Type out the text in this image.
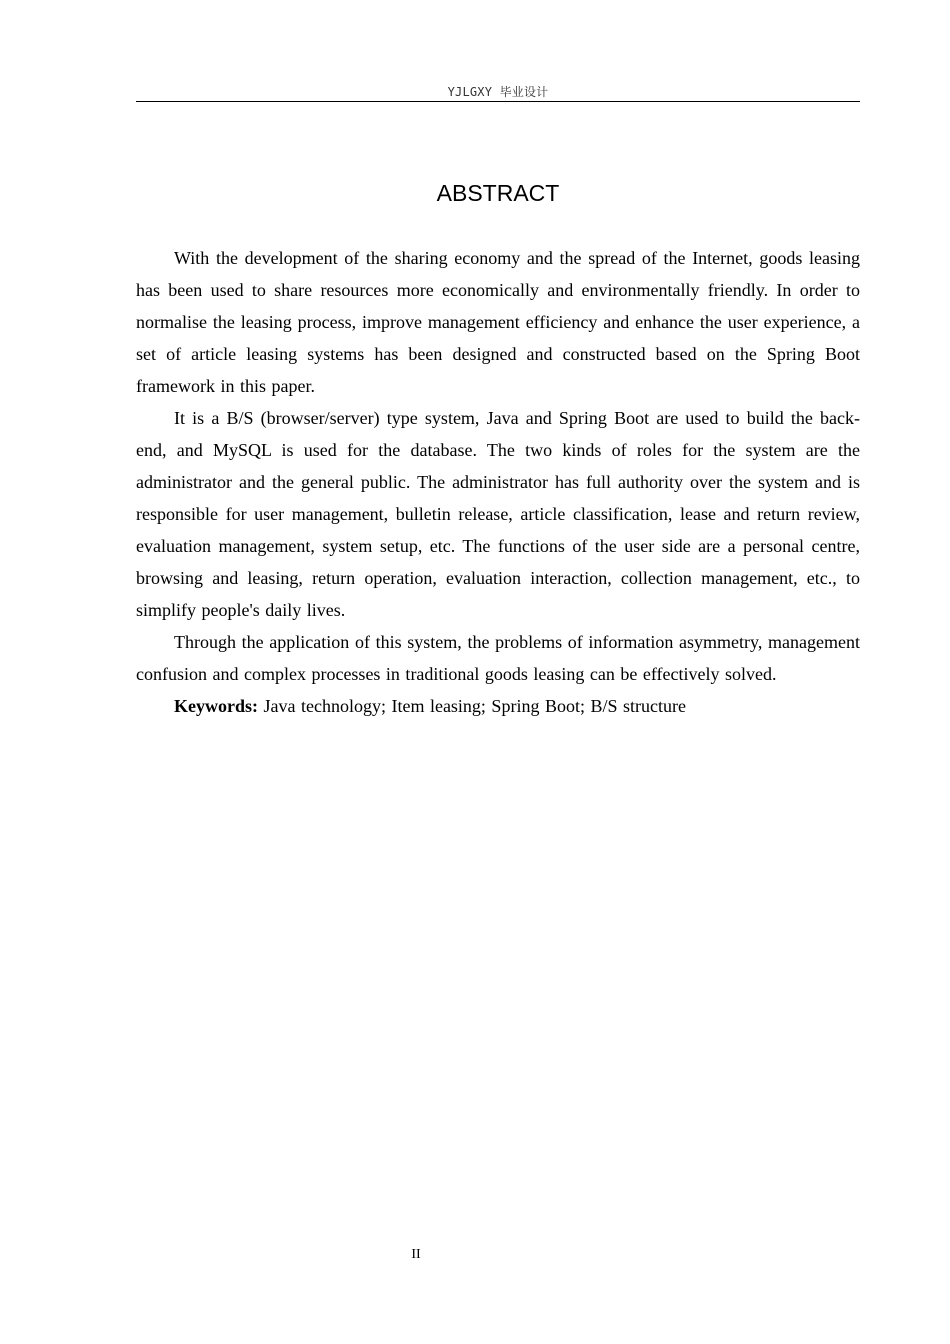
YJLGXY 毕业设计
ABSTRACT

With the development of the sharing economy and the spread of the Internet, goods leasing has been used to share resources more economically and environmentally friendly. In order to normalise the leasing process, improve management efficiency and enhance the user experience, a set of article leasing systems has been designed and constructed based on the Spring Boot framework in this paper.

It is a B/S (browser/server) type system, Java and Spring Boot are used to build the back-end, and MySQL is used for the database. The two kinds of roles for the system are the administrator and the general public. The administrator has full authority over the system and is responsible for user management, bulletin release, article classification, lease and return review, evaluation management, system setup, etc. The functions of the user side are a personal centre, browsing and leasing, return operation, evaluation interaction, collection management, etc., to simplify people's daily lives.

Through the application of this system, the problems of information asymmetry, management confusion and complex processes in traditional goods leasing can be effectively solved.

Keywords: Java technology; Item leasing; Spring Boot; B/S structure

II
